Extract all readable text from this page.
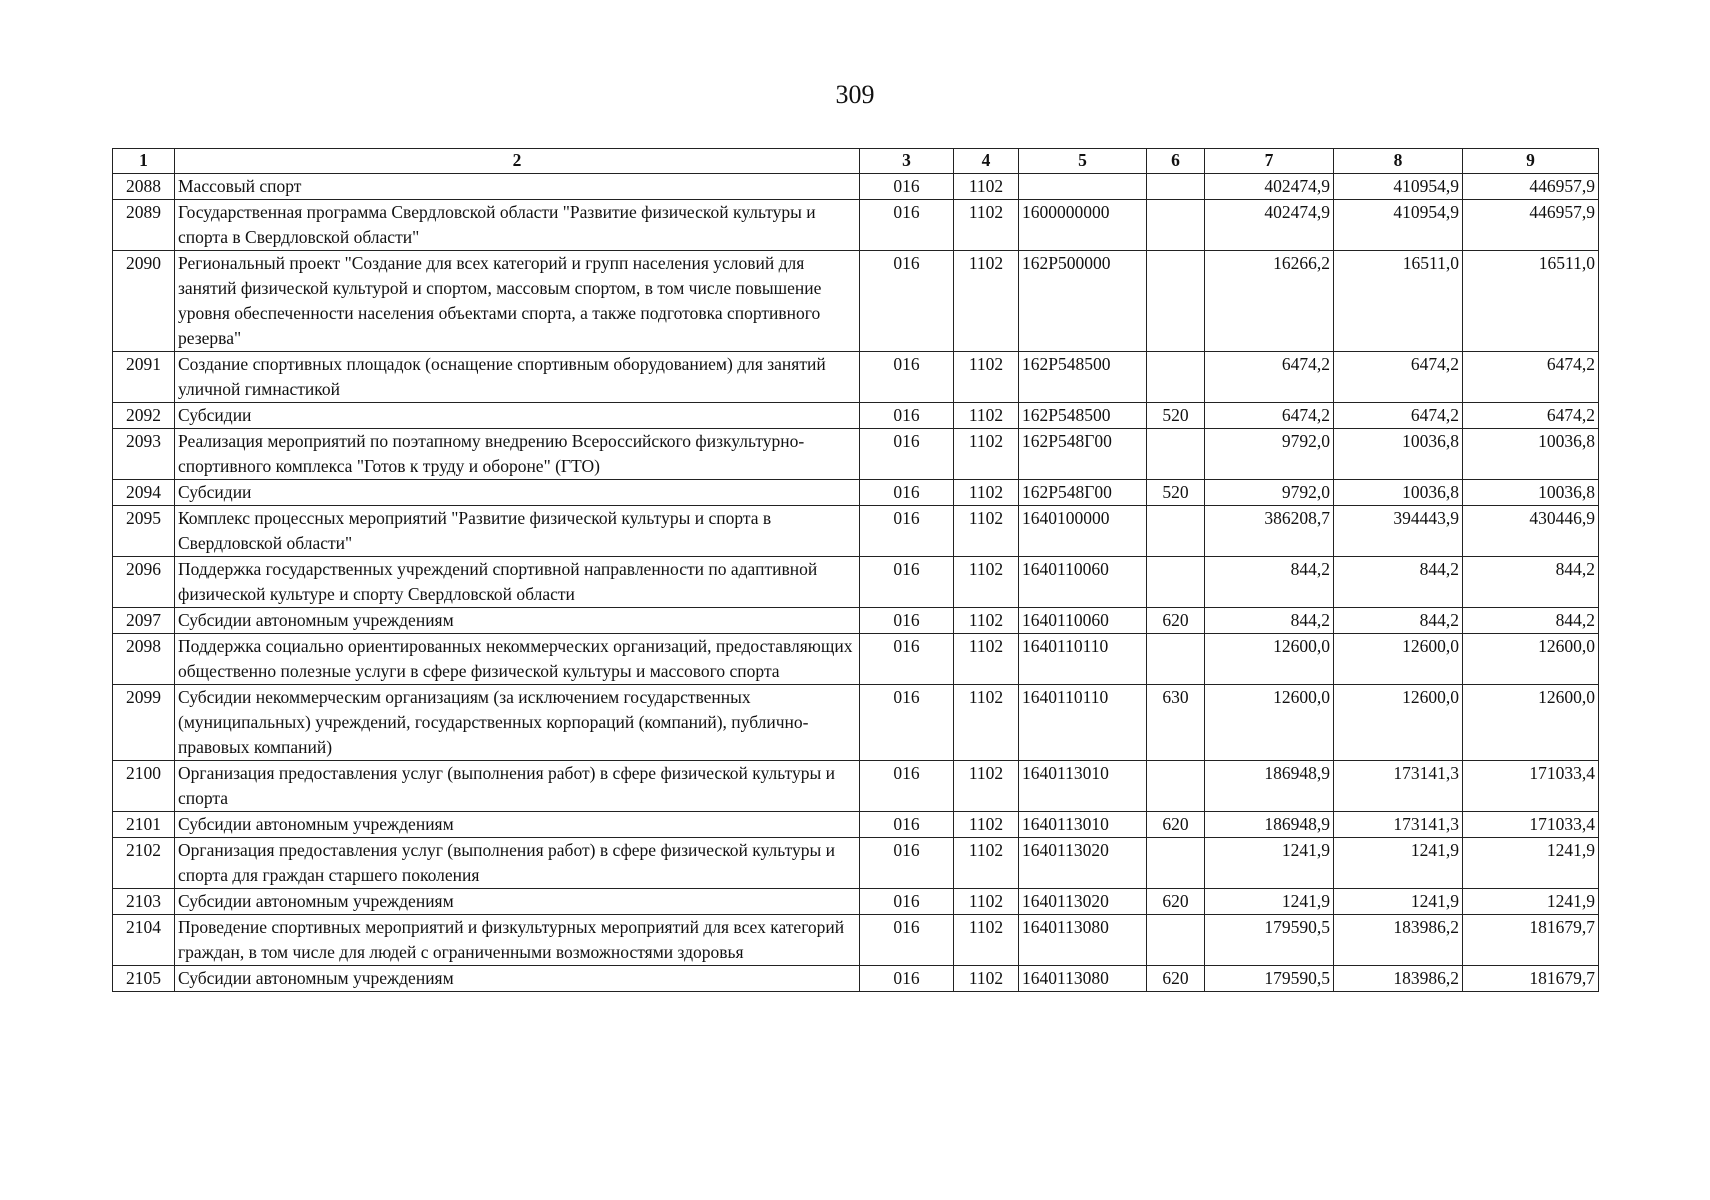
309
1	2	3	4	5	6	7	8	9
2088	Массовый спорт	016	1102			402474,9	410954,9	446957,9
2089	Государственная программа Свердловской области "Развитие физической культуры и спорта в Свердловской области"	016	1102	1600000000		402474,9	410954,9	446957,9
2090	Региональный проект "Создание для всех категорий и групп населения условий для занятий физической культурой и спортом, массовым спортом, в том числе повышение уровня обеспеченности населения объектами спорта, а также подготовка спортивного резерва"	016	1102	162P500000		16266,2	16511,0	16511,0
2091	Создание спортивных площадок (оснащение спортивным оборудованием) для занятий уличной гимнастикой	016	1102	162P548500		6474,2	6474,2	6474,2
2092	Субсидии	016	1102	162P548500	520	6474,2	6474,2	6474,2
2093	Реализация мероприятий по поэтапному внедрению Всероссийского физкультурно-спортивного комплекса "Готов к труду и обороне" (ГТО)	016	1102	162P548Г00		9792,0	10036,8	10036,8
2094	Субсидии	016	1102	162P548Г00	520	9792,0	10036,8	10036,8
2095	Комплекс процессных мероприятий "Развитие физической культуры и спорта в Свердловской области"	016	1102	1640100000		386208,7	394443,9	430446,9
2096	Поддержка государственных учреждений спортивной направленности по адаптивной физической культуре и спорту Свердловской области	016	1102	1640110060		844,2	844,2	844,2
2097	Субсидии автономным учреждениям	016	1102	1640110060	620	844,2	844,2	844,2
2098	Поддержка социально ориентированных некоммерческих организаций, предоставляющих общественно полезные услуги в сфере физической культуры и массового спорта	016	1102	1640110110		12600,0	12600,0	12600,0
2099	Субсидии некоммерческим организациям (за исключением государственных (муниципальных) учреждений, государственных корпораций (компаний), публично-правовых компаний)	016	1102	1640110110	630	12600,0	12600,0	12600,0
2100	Организация предоставления услуг (выполнения работ) в сфере физической культуры и спорта	016	1102	1640113010		186948,9	173141,3	171033,4
2101	Субсидии автономным учреждениям	016	1102	1640113010	620	186948,9	173141,3	171033,4
2102	Организация предоставления услуг (выполнения работ) в сфере физической культуры и спорта для граждан старшего поколения	016	1102	1640113020		1241,9	1241,9	1241,9
2103	Субсидии автономным учреждениям	016	1102	1640113020	620	1241,9	1241,9	1241,9
2104	Проведение спортивных мероприятий и физкультурных мероприятий для всех категорий граждан, в том числе для людей с ограниченными возможностями здоровья	016	1102	1640113080		179590,5	183986,2	181679,7
2105	Субсидии автономным учреждениям	016	1102	1640113080	620	179590,5	183986,2	181679,7
